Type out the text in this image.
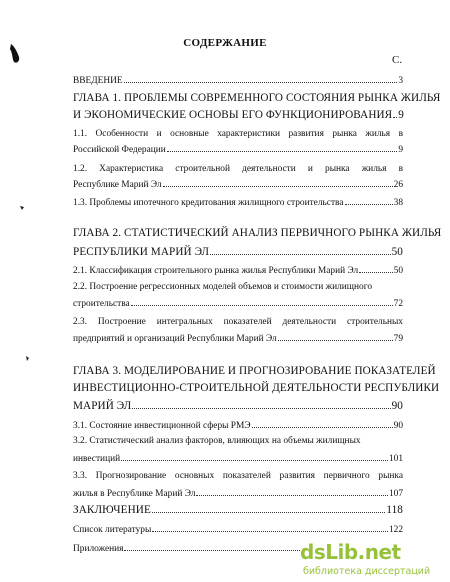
СОДЕРЖАНИЕ
С.
ВВЕДЕНИЕ	3
ГЛАВА 1. ПРОБЛЕМЫ СОВРЕМЕННОГО СОСТОЯНИЯ РЫНКА ЖИЛЬЯ
И ЭКОНОМИЧЕСКИЕ ОСНОВЫ ЕГО ФУНКЦИОНИРОВАНИЯ 9
1.1. Особенности и основные характеристики развития рынка жилья в
Российской Федерации	9
1.2. Характеристика строительной деятельности и рынка жилья в
Республике Марий Эл	26
1.3. Проблемы ипотечного кредитования жилищного строительства	38
ГЛАВА 2. СТАТИСТИЧЕСКИЙ АНАЛИЗ ПЕРВИЧНОГО РЫНКА ЖИЛЬЯ
РЕСПУБЛИКИ МАРИЙ ЭЛ	50
2.1. Классификация строительного рынка жилья Республики Марий Эл	50
2.2. Построение регрессионных моделей объемов и стоимости жилищного
строительства	72
2.3. Построение интегральных показателей деятельности строительных
предприятий и организаций Республики Марий Эл	79
ГЛАВА 3. МОДЕЛИРОВАНИЕ И ПРОГНОЗИРОВАНИЕ ПОКАЗАТЕЛЕЙ
ИНВЕСТИЦИОННО-СТРОИТЕЛЬНОЙ ДЕЯТЕЛЬНОСТИ РЕСПУБЛИКИ
МАРИЙ ЭЛ	90
3.1. Состояние инвестиционной сферы РМЭ	90
3.2. Статистический анализ факторов, влияющих на объемы жилищных
инвестиций	101
3.3. Прогнозирование основных показателей развития первичного рынка
жилья в Республике Марий Эл	107
ЗАКЛЮЧЕНИЕ	118
Список литературы	122
Приложения	dsLib.net
библиотека диссертаций
